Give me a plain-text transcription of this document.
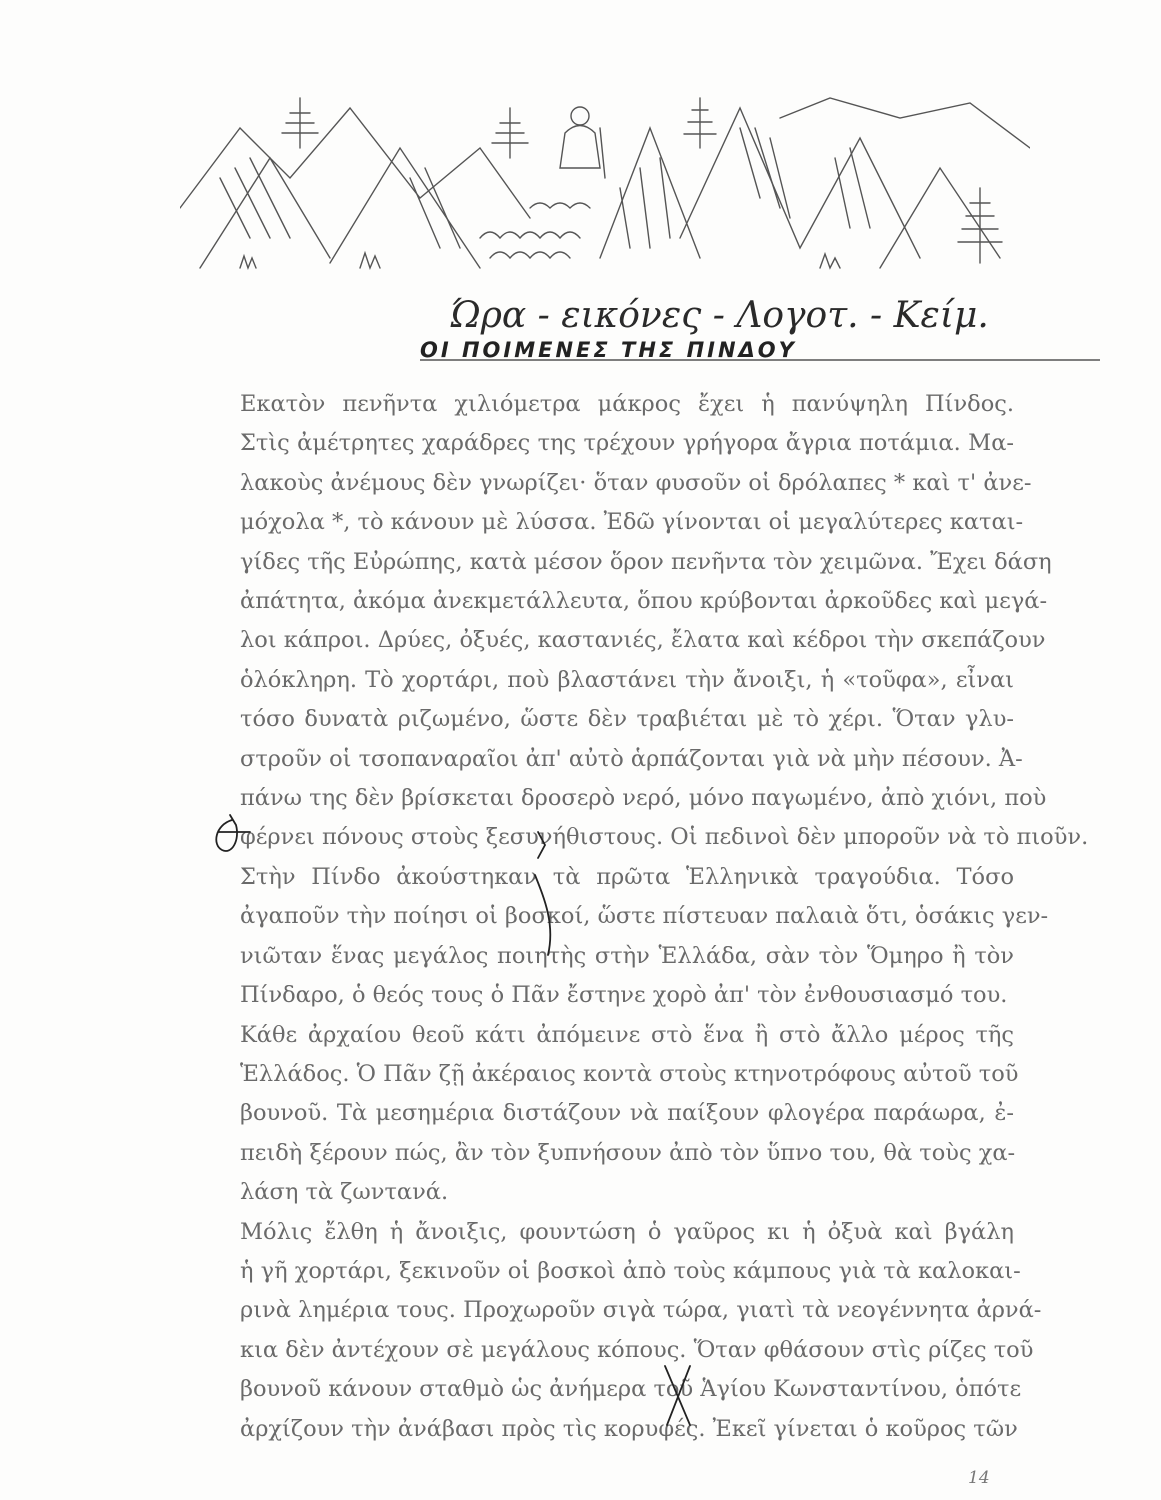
Ώρα - εικόνες - Λογοτ. - Κείμ.
ΟΙ ΠΟΙΜΕΝΕΣ ΤΗΣ ΠΙΝΔΟΥ

Εκατὸν πενῆντα χιλιόμετρα μάκρος ἔχει ἡ πανύψηλη Πίνδος.
Στὶς ἀμέτρητες χαράδρες της τρέχουν γρήγορα ἄγρια ποτάμια. Μα-
λακοὺς ἀνέμους δὲν γνωρίζει· ὅταν φυσοῦν οἱ δρόλαπες * καὶ τ' ἀνε-
μόχολα *, τὸ κάνουν μὲ λύσσα. Ἐδῶ γίνονται οἱ μεγαλύτερες καται-
γίδες τῆς Εὐρώπης, κατὰ μέσον ὅρον πενῆντα τὸν χειμῶνα. Ἔχει δάση
ἀπάτητα, ἀκόμα ἀνεκμετάλλευτα, ὅπου κρύβονται ἀρκοῦδες καὶ μεγά-
λοι κάπροι. Δρύες, ὀξυές, καστανιές, ἔλατα καὶ κέδροι τὴν σκεπάζουν
ὁλόκληρη. Τὸ χορτάρι, ποὺ βλαστάνει τὴν ἄνοιξι, ἡ «τοῦφα», εἶναι
τόσο δυνατὰ ριζωμένο, ὥστε δὲν τραβιέται μὲ τὸ χέρι. Ὅταν γλυ-
στροῦν οἱ τσοπαναραῖοι ἀπ' αὐτὸ ἁρπάζονται γιὰ νὰ μὴν πέσουν. Ἀ-
πάνω της δὲν βρίσκεται δροσερὸ νερό, μόνο παγωμένο, ἀπὸ χιόνι, ποὺ
φέρνει πόνους στοὺς ξεσυνήθιστους. Οἱ πεδινοὶ δὲν μποροῦν νὰ τὸ πιοῦν.

Στὴν Πίνδο ἀκούστηκαν τὰ πρῶτα Ἑλληνικὰ τραγούδια. Τόσο
ἀγαποῦν τὴν ποίησι οἱ βοσκοί, ὥστε πίστευαν παλαιὰ ὅτι, ὁσάκις γεν-
νιῶταν ἕνας μεγάλος ποιητὴς στὴν Ἑλλάδα, σὰν τὸν Ὅμηρο ἢ τὸν
Πίνδαρο, ὁ θεός τους ὁ Πᾶν ἔστηνε χορὸ ἀπ' τὸν ἐνθουσιασμό του.

Κάθε ἀρχαίου θεοῦ κάτι ἀπόμεινε στὸ ἕνα ἢ στὸ ἄλλο μέρος τῆς
Ἑλλάδος. Ὁ Πᾶν ζῇ ἀκέραιος κοντὰ στοὺς κτηνοτρόφους αὐτοῦ τοῦ
βουνοῦ. Τὰ μεσημέρια διστάζουν νὰ παίξουν φλογέρα παράωρα, ἐ-
πειδὴ ξέρουν πώς, ἂν τὸν ξυπνήσουν ἀπὸ τὸν ὕπνο του, θὰ τοὺς χα-
λάση τὰ ζωντανά.

Μόλις ἔλθη ἡ ἄνοιξις, φουντώση ὁ γαῦρος κι ἡ ὀξυὰ καὶ βγάλη
ἡ γῆ χορτάρι, ξεκινοῦν οἱ βοσκοὶ ἀπὸ τοὺς κάμπους γιὰ τὰ καλοκαι-
ρινὰ λημέρια τους. Προχωροῦν σιγὰ τώρα, γιατὶ τὰ νεογέννητα ἀρνά-
κια δὲν ἀντέχουν σὲ μεγάλους κόπους. Ὅταν φθάσουν στὶς ρίζες τοῦ
βουνοῦ κάνουν σταθμὸ ὡς ἀνήμερα τοῦ Ἁγίου Κωνσταντίνου, ὁπότε
ἀρχίζουν τὴν ἀνάβασι πρὸς τὶς κορυφές. Ἐκεῖ γίνεται ὁ κοῦρος τῶν

14
